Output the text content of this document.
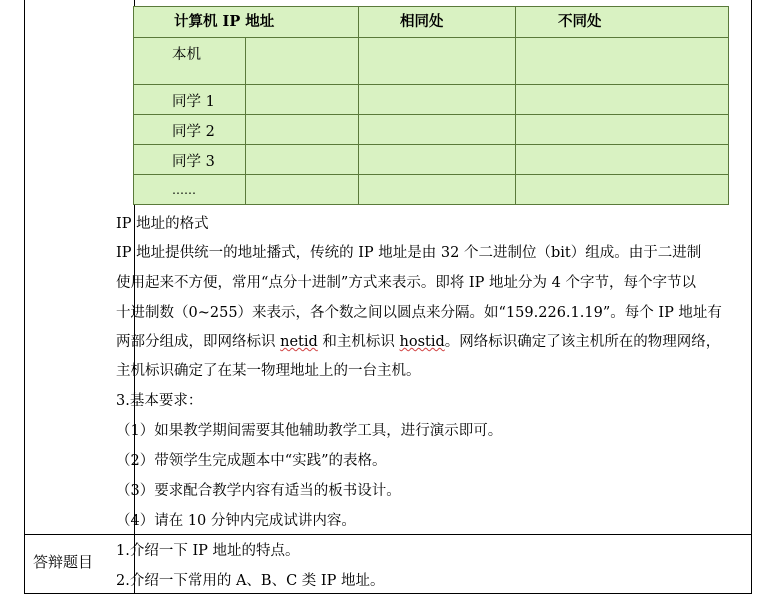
计算机 IP 地址	相同处	不同处
本机
同学 1
同学 2
同学 3
……
IP 地址的格式
IP 地址提供统一的地址播式，传统的 IP 地址是由 32 个二进制位（bit）组成。由于二进制
使用起来不方便，常用“点分十进制”方式来表示。即将 IP 地址分为 4 个字节，每个字节以
十进制数（0~255）来表示，各个数之间以圆点来分隔。如“159.226.1.19”。每个 IP 地址有
两部分组成，即网络标识 netid 和主机标识 hostid。网络标识确定了该主机所在的物理网络，
主机标识确定了在某一物理地址上的一台主机。
3.基本要求：
（1）如果教学期间需要其他辅助教学工具，进行演示即可。
（2）带领学生完成题本中“实践”的表格。
（3）要求配合教学内容有适当的板书设计。
（4）请在 10 分钟内完成试讲内容。
答辩题目
1.介绍一下 IP 地址的特点。
2.介绍一下常用的 A、B、C 类 IP 地址。
